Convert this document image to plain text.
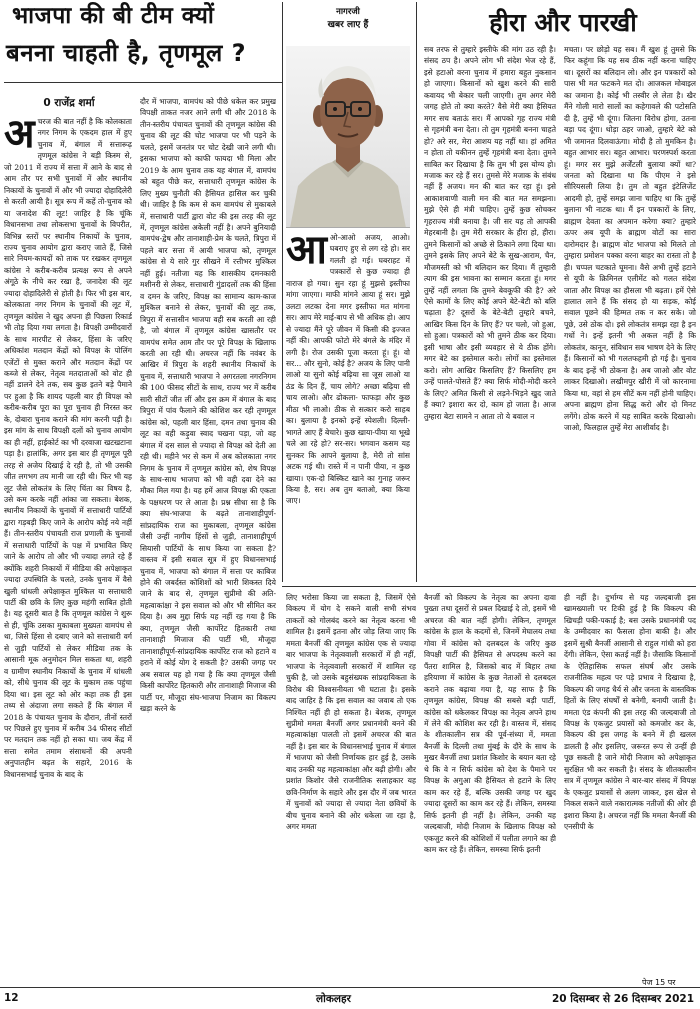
भाजपा की बी टीम क्यों
बनना चाहती है, तृणमूल ?
0 राजेंद्र शर्मा
अ चरज की बात नहीं है कि कोलकाता नगर निगम के एकदम हाल में हुए चुनाव में, बंगाल में सत्तारूढ़ तृणमूल कांग्रेस ने बड़ी किस्म से, जो 2011 में राज्य में सत्ता में आने के बाद से आम तौर पर सभी चुनावों में और स्थानीय निकायों के चुनावों में और भी ज्यादा दोहादिलेरी से करती आयी है। सूत्र रूप में कहें तो-चुनाव को या जनादेश की लूट! जाहिर है कि चूंकि विधानसभा तथा लोकसभा चुनावों के विपरीत, विभिन्न स्तरों पर स्थानीय निकायों के चुनाव, राज्य चुनाव आयोग द्वारा कराए जाते हैं, जिसे सारे नियम-कायदों को ताक पर रखकर तृणमूल कांग्रेस ने करीब-करीब प्रत्यक्ष रूप से अपने अंगूठे के नीचे कर रखा है, जनादेश की लूट ज्यादा दोहादिलेरी से होती है। फिर भी इस बार, कोलकाता नगर निगम के चुनावों की लूट में, तृणमूल कांग्रेस ने खुद अपना ही पिछला रिकार्ड भी तोड़ दिया गया लगता है। विपक्षी उम्मीदवारों के साथ मारपीट से लेकर, हिंसा के जरिए अधिकांश मतदान केंद्रों को विपक्ष के पोलिंग एजेंटों से मुक्त कराने और मतदान केंद्रों पर कब्जे से लेकर, नेतृत्व मतदाताओं को वोट ही नहीं डालने देने तक, सब कुछ इतने बड़े पैमाने पर हुआ है कि शायद पहली बार ही विपक्ष को करीब-करीब पूरा का पूरा चुनाव ही निरस्त कर के, दोबारा चुनाव कराने की मांग करनी पड़ी है। इस मांग के साथ विपक्षी दलों को चुनाव आयोग का ही नहीं, हाईकोर्ट का भी दरवाजा खटखटाना पड़ा है। हालांकि, अगर इस बार ही तृणमूल पूरी तरह से अजेय दिखाई दे रही है, तो भी उसकी जीत लगभग तय मानी जा रही थी। फिर भी यह लूट जैसे लोकतंत्र के लिए चिंता का विषय है, उसे कम करके नहीं आंका जा सकता। बेशक, स्थानीय निकायों के चुनावों में सत्ताधारी पार्टियों द्वारा गड़बड़ी किए जाने के आरोप कोई नये नहीं हैं। तीन-स्तरीय पंचायती राज प्रणाली के चुनावों में सत्ताधारी पार्टियों के पक्ष में प्रभावित किए जाने के आरोप तो और भी ज्यादा लगते रहे हैं क्योंकि शहरी निकायों में मीडिया की अपेक्षाकृत ज्यादा उपस्थिति के चलते, उनके चुनाव में वैसे खुली धांधली अपेक्षाकृत मुश्किल या सत्ताधारी पार्टी की छवि के लिए कुछ महंगी साबित होती है। यह दूसरी बात है कि तृणमूल कांग्रेस ने शुरू से ही, चूंकि उसका मुकाबला मुख्यतः वामपंथ से था, जिसे हिंसा से दबाए जाने को सत्ताधारी वर्ग से जुड़ी पार्टियों से लेकर मीडिया तक के आसानी मूक अनुमोदन मिल सकता था, शहरी व ग्रामीण स्थानीय निकायों के चुनाव में धांधली को, सीधे चुनाव की लूट के मुकाम तक पहुंचा दिया था। इस लूट को ओर कहा तक ही इस तथ्य से अंदाजा लगा सकते हैं कि बंगाल में 2018 के पंचायत चुनाव के दौरान, तीनों स्तरों पर पिछले हुए चुनाव में करीब 34 फीसद सीटों पर मतदान तक नहीं हो सका था। जब केंद्र में सत्ता समेत तमाम संसाधनों की अपनी अनुपातहीन बढ़त के सहारे, 2016 के विधानसभाई चुनाव के बाद के
दौर में भाजपा, वामपंथ को पीछे धकेल कर प्रमुख विपक्षी ताकत नजर आने लगी थी और 2018 के तीन-स्तरीय पंचायत चुनावों की तृणमूल कांग्रेस की चुनाव की लूट की चोट भाजपा पर भी पड़ने के चलते, इसमें जनतंत्र पर चोट देखी जाने लगी थी। इसका भाजपा को काफी फायदा भी मिला और 2019 के आम चुनाव तक यह बंगाल में, वामपंथ को बहुत पीछे कर, सत्ताधारी तृणमूल कांग्रेस के लिए मुख्य चुनौती की हैसियत हासिल कर चुकी थी। जाहिर है कि कम से कम वामपंथ से मुकाबले में, सत्ताधारी पार्टी द्वारा वोट की इस तरह की लूट में, तृणमूल कांग्रेस अकेली नहीं है। अपने बुनियादी वामपंथ-द्वेष और तानाशाही-प्रेम के चलते, त्रिपुरा में पहले बार सत्ता में आयी भाजपा को, तृणमूल कांग्रेस से ये सारे गुर सीखने में रत्तीभर मुश्किल नहीं हुई। नतीजा यह कि शासकीय दमनकारी मशीनरी से लेकर, सत्ताधारी गुंडादलों तक की हिंसा व दमन के जरिए, विपक्ष का सामान्य काम-काज मुश्किल बनाने से लेकर, चुनावों की लूट तक, त्रिपुरा में सत्तासीन भाजपा वही सब करती आ रही है, जो बंगाल में तृणमूल कांग्रेस खासतौर पर वामपंथ समेत आम तौर पर पूरे विपक्ष के खिलाफ करती आ रही थी। अचरज नहीं कि नवंबर के आखिर में त्रिपुरा के शहरी स्थानीय निकायों के चुनाव में, सत्ताधारी भाजपा ने अगरतला नगरनिगम की 100 फीसद सीटों के साथ, राज्य भर में करीब सारी सीटों जीत लीं और इस क्रम में बंगाल के बाद त्रिपुरा में पांव फैलाने की कोशिश कर रही तृणमूल कांग्रेस को, पहली बार हिंसा, दमन तथा चुनाव की लूट का वही कड़ुवा स्वाद चखना पड़ा, जो वह बंगाल में दस साल से ज्यादा से विपक्ष को देती आ रही थी। महीने भर से कम में अब कोलकाता नगर निगम के चुनाव में तृणमूल कांग्रेस को, शेष विपक्ष के साथ-साथ भाजपा को भी वही दवा देने का मौका मिल गया है। यह हमें आज विपक्ष की एकता के पक्षधरण पर ले आता है। प्रश्न सीधा सा है कि क्या संघ-भाजपा के बढ़ते तानाशाहीपूर्ण-सांप्रदायिक राज का मुकाबला, तृणमूल कांग्रेस जैसी उन्हीं नागीय हिंसों से जुड़ी, तानाशाहीपूर्ण सियासी पार्टियों के साथ किया जा सकता है? वास्तव में इसी सवाल सूत्र में हुए विधानसभाई चुनाव में, भाजपा को बंगाल में सत्ता पर काबिज होने की जबर्दस्त कोशिशों को भारी शिकस्त दिये जाने के बाद से, तृणमूल सुप्रीमो की अति-महत्वाकांक्षा ने इस सवाल को और भी सीमित कर दिया है। अब मुद्दा सिर्फ यह नहीं रह गया है कि क्या, तृणमूल जैसी कार्पोरेट हितकारी तथा तानाशाही मिजाज की पार्टी भी, मौजूदा तानाशाहीपूर्ण-सांप्रदायिक कार्पोरेट राज को हटाने व हराने में कोई योग दे सकती है? उसकी जगह पर अब सवाल यह हो गया है कि क्या तृणमूल जैसी किसी कार्पोरेट हितकारी और तानाशाही मिजाज की पार्टी पर, मौजूदा संघ-भाजपा निजाम का विकल्प खड़ा करने के
नागरजी
खबर लाए हैं
आ ओ-आओ अजय, आओ। घबराए हुए से लग रहे हो। सर गलती हो गई। घबराहट में पत्रकारों से कुछ ज्यादा ही नाराज हो गया। सुन रहा हूं मुझसे इस्तीफा मांगा जाएगा। माफी मांगने आया हूं सर। मुझे उलटा लटका देना मगर इस्तीफा मत मांगना सर। आप मेरे माई-बाप से भी अधिक हो। आप से ज्यादा मैंने पूरे जीवन में किसी की इज्जत नहीं की। आपकी फोटो मेरे बंगले के मंदिर में लगी है। रोज उसकी पूजा करता हूं। हूं। वो सर... और सुनो, कोई है? अजय के लिए पानी लाओ या सुनो कोई बढ़िया सा जूस लाओ या ठंड के दिन हैं, चाय लोगे? अच्छा बढ़िया सी चाय लाओ। और ढोकला- फाफड़ा और कुछ मीठा भी लाओ। ठीक से सत्कार करो साहब का। बुलाया है इनको इन्हें स्पेशली। दिल्ली-भागते आए हैं बेचारे। कुछ खाया-पीया या भूखे चले आ रहे हो? सर-सर। भगवान कसम यह सुनकर कि आपने बुलाया है, मेरी तो सांस अटक गई थी। रास्ते में न पानी पीया, न कुछ खाया। एक-दो बिस्किट खाने का गुनाह जरूर किया है, सर। अब तुम बताओ, क्या किया जाए।
हीरा और पारखी
सब तरफ से तुम्हारे इस्तीफे की मांग उठ रही है। संसद ठप है। अपने लोग भी संदेश भेज रहे हैं, इसे हटाओ वरना चुनाव में हमारा बहुत नुकसान हो जाएगा। किसानों को खुश करने की सारी कवायद भी बेकार चली जाएगी। तुम अगर मेरी जगह होते तो क्या करते? वैसे मेरी क्या हैसियत मगर सच बताऊं सर। मैं आपको गृह राज्य मंत्री से गृहमंत्री बना देता। तो तुम गृहमंत्री बनना चाहते हो? अरे सर, मेरा आशय यह नहीं था। हां अमित न होता तो यकीनन तुम्हें गृहमंत्री बना देता। तुमने साबित कर दिखाया है कि तुम भी इस योग्य हो। मजाक कर रहे हैं सर। तुमसे मेरे मजाक के संबंध नहीं हैं अजय। मन की बात कर रहा हूं। इसे आकाशवाणी वाली मन की बात मत समझना। मुझे ऐसे ही मंत्री चाहिए। तुम्हें कुछ सोचकर गृहराज्य मंत्री बनाया है। जी सर यह तो आपकी मेहरबानी है। तुम मेरी सरकार के हीरा हो, हीरा। तुमने किसानों को अच्छे से ठिकाने लगा दिया था। तुमने इसके लिए अपने बेटे के सुख-आराम, चैन, मौजमस्ती को भी बलिदान कर दिया। मैं तुम्हारी त्याग की इस भावना का सम्मान करता हूं। मगर तुम्हें नहीं लगता कि तुमने बेवकूफी की है? अरे ऐसे कामों के लिए कोई अपने बेटे-बेटी को बलि चढ़ाता है? दूसरों के बेटे-बेटी तुम्हारे बचने, आखिर किस दिन के लिए हैं? पर चलो, जो हुआ, सो हुआ। पत्रकारों को भी तुमने ठीक कर दिया। इसी भाषा और इसी व्यवहार से ये ठीक होंगे। मगर बेटे का इस्तेमाल करो। लोगों का इस्तेमाल करो। लोग आखिर किसलिए हैं? किसलिए हम उन्हें पालते-पोसते हैं? क्या सिर्फ मोदी-मोदी करने के लिए? अमित किसी से लड़ने-भिड़ने खुद जाते हैं क्या? इशारा कर दो, काम हो जाता है। आज तुम्हारा बेटा सामने न आता तो ये बवाल न
मचता। पर छोड़ो यह सब। मैं खुश हूं तुमसे कि फिर कहूंगा कि यह सब ठीक नहीं करना चाहिए था। दूसरों का बलिदान लो। और इन पत्रकारों को पास भी मत फटकने मत दो। आजकल मोबाइल का जमाना है। कोई भी तस्वीर ले लेता है। खैर मैंने गोली मारो सालों का कहेगावले की पटोसति दी है, तुम्हें भी दूंगा। जितना विरोध होगा, उतना बड़ा पद दूंगा। थोड़ा ठहर जाओ, तुम्हारे बेटे को भी जमानत दिलवाऊंगा। मोदी है तो मुमकिन है। बहुत आभार सर। बहुत आभार। चरणस्पर्श करता हूं। मगर सर मुझे अर्जेंटली बुलाया क्यों था? जनता को दिखाना था कि पीएम ने इसे सीरियसली लिया है। तुम तो बहुत इंटेलिजेंट आदमी हो, तुम्हें समझ जाना चाहिए था कि तुम्हें बुलाना भी नाटक था। मैं इन पत्रकारों के लिए, ब्राह्मण देवता का अपमान करेगा क्या? तुम्हारे ऊपर अब यूपी के ब्राह्मण वोटों का सारा दारोमदार है। ब्राह्मण वोट भाजपा को मिलते तो तुम्हारा प्रमोशन पक्का वरना बाहर का रास्ता तो है ही। चप्पल चटकाते घूमना। वैसे अभी तुम्हें हटाने से यूपी के क्रिमिनल एलीमेंट को गलत संदेश जाता और विपक्ष का हौसला भी बढ़ता। हमें ऐसे हालात लाने हैं कि संसद हो या सड़क, कोई सवाल पूछने की हिम्मत तक न कर सके। जो पूछे, उसे ठोक दो। इसे लोकतंत्र समझ रहा है इन गधों ने। इन्हें इतनी भी अकल नहीं है कि लोकतंत्र, कानून, संविधान सब भाषण देने के लिए हैं। किसानों को भी गलतफहमी हो गई है। चुनाव के बाद इन्हें भी ठोकना है। अब जाओ और वोट लाकर दिखाओ। लखीमपुर खीरी में जो कारनामा किया था, वहां से हम सीटें कम नहीं होनी चाहिए। अपना ब्राह्मण होना सिद्ध करो और दो मिनट लगेंगे। ठोक करने में यह साबित करके दिखाओ। जाओ, फिलहाल तुम्हें मेरा आशीर्वाद है।
लिए भरोसा किया जा सकता है, जिसमें ऐसे विकल्प में योग दे सकने वाली सभी संभव ताकतों को गोलबंद करने का नेतृत्व करना भी शामिल है। इसमें इतना और जोड़ लिया जाए कि ममता बैनर्जी की तृणमूल कांग्रेस एक से ज्यादा बार भाजपा के नेतृत्ववाली सरकारों में ही नहीं, भाजपा के नेतृत्ववाली सरकारों में शामिल रह चुकी है, जो उसके बहुसंख्यक सांप्रदायिकता के विरोध की विश्वसनीयता भी घटाता है। इसके बाद जाहिर है कि इस सवाल का जवाब तो एक निश्चित नहीं ही हो सकता है। बेशक, तृणमूल सुप्रीमो ममता बैनर्जी अगर प्रधानमंत्री बनने की महत्वाकांक्षा पालती तो इसमें अचरज की बात नहीं है। इस बार के विधानसभाई चुनाव में बंगाल में भाजपा को जैसी निर्णायक हार हुई है, उसके बाद उनकी यह महत्वाकांक्षा और बढ़ी होगी। और प्रशांत किशोर जैसे राजनीतिक सलाहकार यह छवि-निर्माण के सहारे और इस दौर में जब भारत में चुनावों को ज्यादा से ज्यादा नेता छवियों के बीच चुनाव बनाने की ओर धकेला जा रहा है, अगर ममता
बैनर्जी को विकल्प के नेतृत्व का अपना दावा पुख्ता तथा दूसरों से प्रबल दिखाई दे तो, इसमें भी अचरज की बात नहीं होगी। लेकिन, तृणमूल कांग्रेस के हाल के कदमों से, जिनमें मेघालय तथा गोवा में कांग्रेस को दलबदल के जरिए कुछ विपक्षी पार्टी की हैसियत से अपदस्थ करने का पैंतरा शामिल है, जिसको बाद में बिहार तथा हरियाणा में कांग्रेस के कुछ नेताओं से दलबदल कराने तक बढ़ाया गया है, यह साफ है कि तृणमूल कांग्रेस, विपक्ष की सबसे बड़ी पार्टी, कांग्रेस को धकेलकर विपक्ष का नेतृत्व अपने हाथ में लेने की कोशिश कर रही है। वास्तव में, संसद के शीतकालीन सत्र की पूर्व-संध्या में, ममता बैनर्जी के दिल्ली तथा मुंबई के दौरे के साथ के मुखर बैनर्जी तथा प्रशांत किशोर के बयान बता रहे थे कि वे न सिर्फ कांग्रेस को देश के पैमाने पर विपक्ष के अगुआ की हैसियत से हटाने के लिए काम कर रहे हैं, बल्कि उसकी जगह पर खुद ज्यादा दूसरों का काम कर रहे हैं। लेकिन, समस्या सिर्फ इतनी ही नहीं है। लेकिन, उनकी यह जल्दबाजी, मोदी निजाम के खिलाफ विपक्ष को एकजुट करने की कोशिशों में पलीता लगाने का ही काम कर रहे हैं। लेकिन, समस्या सिर्फ इतनी
ही नहीं है। दुर्भाग्य से यह जल्दबाजी इस खामख्याली पर टिकी हुई है कि विकल्प की खिचड़ी पकी-पकाई है; बस उसके प्रधानमंत्री पद के उम्मीदवार का फैसला होना बाकी है। और इसमें सुश्री बैनर्जी आसानी से राहुल गांधी को हरा देंगी। लेकिन, ऐसा कतई नहीं है। जैसाकि किसानों के ऐतिहासिक सफल संघर्ष और उसके राजनीतिक महत्व पर पड़े प्रभाव ने दिखाया है, विकल्प की जगह धैर्य से और जनता के वास्तविक हितों के लिए संघर्षों से बनेगी, बनायी जाती है। ममता एंड कंपनी की इस तरह की जल्दबाजी तो विपक्ष के एकजुट प्रयासों को कमजोर कर के, विकल्प की इस जगह के बनने में ही खलल डालती है और इसलिए, जरूरत रूप से उन्हीं ही पूछ सकती है जाने मोदी निजाम को अपेक्षाकृत सुरक्षित भी कर सकती है। संसद के शीतकालीन सत्र में तृणमूल कांग्रेस ने बार-बार संसद में विपक्ष के एकजुट प्रयासों से अलग जाकर, इस खेल से निकल सकने वाले नकारात्मक नतीजों की ओर ही इशारा किया है। अचरज नहीं कि ममता बैनर्जी की एनसीपी के
पेज 15 पर
12	लोकलहर	20 दिसम्बर से 26 दिसम्बर 2021
